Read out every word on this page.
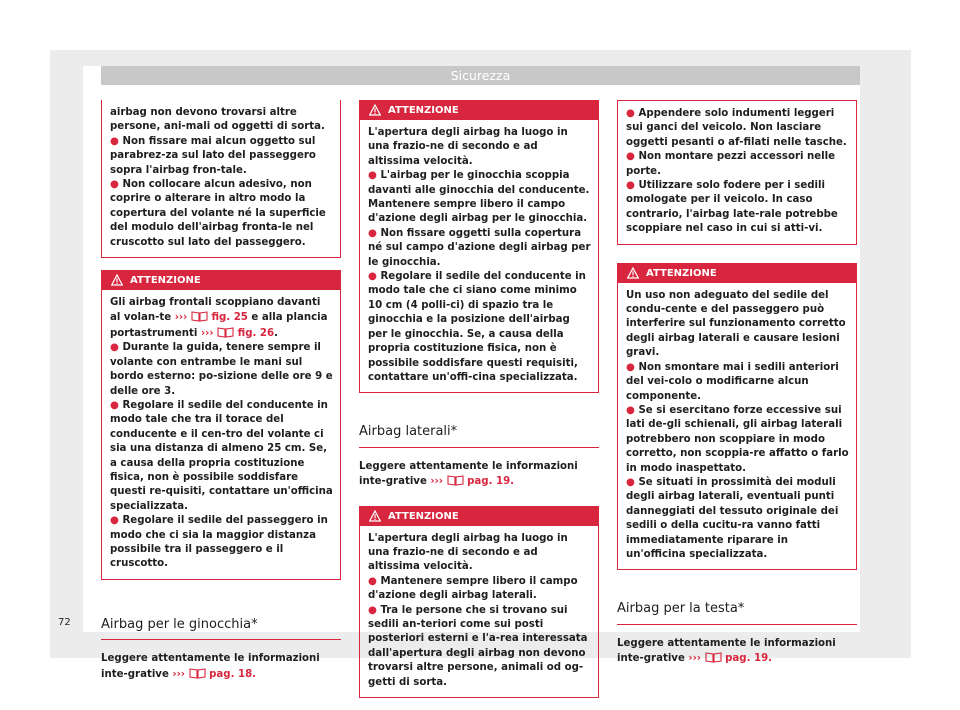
Sicurezza

airbag non devono trovarsi altre persone, ani-mali od oggetti di sorta.

● Non fissare mai alcun oggetto sul parabrez-za sul lato del passeggero sopra l'airbag fron-tale.

● Non collocare alcun adesivo, non coprire o alterare in altro modo la copertura del volante né la superficie del modulo dell'airbag fronta-le nel cruscotto sul lato del passeggero.

ATTENZIONE

Gli airbag frontali scoppiano davanti al volan-te ›››  fig. 25 e alla plancia portastrumenti ›››  fig. 26.

● Durante la guida, tenere sempre il volante con entrambe le mani sul bordo esterno: po-sizione delle ore 9 e delle ore 3.

● Regolare il sedile del conducente in modo tale che tra il torace del conducente e il cen-tro del volante ci sia una distanza di almeno 25 cm. Se, a causa della propria costituzione fisica, non è possibile soddisfare questi re-quisiti, contattare un'officina specializzata.

● Regolare il sedile del passeggero in modo che ci sia la maggior distanza possibile tra il passeggero e il cruscotto.

Airbag per le ginocchia*

Leggere attentamente le informazioni inte-grative ›››  pag. 18.

ATTENZIONE

L'apertura degli airbag ha luogo in una frazio-ne di secondo e ad altissima velocità.

● L'airbag per le ginocchia scoppia davanti alle ginocchia del conducente. Mantenere sempre libero il campo d'azione degli airbag per le ginocchia.

● Non fissare oggetti sulla copertura né sul campo d'azione degli airbag per le ginocchia.

● Regolare il sedile del conducente in modo tale che ci siano come minimo 10 cm (4 polli-ci) di spazio tra le ginocchia e la posizione dell'airbag per le ginocchia. Se, a causa della propria costituzione fisica, non è possibile soddisfare questi requisiti, contattare un'offi-cina specializzata.

Airbag laterali*

Leggere attentamente le informazioni inte-grative ›››  pag. 19.

ATTENZIONE

L'apertura degli airbag ha luogo in una frazio-ne di secondo e ad altissima velocità.

● Mantenere sempre libero il campo d'azione degli airbag laterali.

● Tra le persone che si trovano sui sedili an-teriori come sui posti posteriori esterni e l'a-rea interessata dall'apertura degli airbag non devono trovarsi altre persone, animali od og-getti di sorta.

● Appendere solo indumenti leggeri sui ganci del veicolo. Non lasciare oggetti pesanti o af-filati nelle tasche.

● Non montare pezzi accessori nelle porte.

● Utilizzare solo fodere per i sedili omologate per il veicolo. In caso contrario, l'airbag late-rale potrebbe scoppiare nel caso in cui si atti-vi.

ATTENZIONE

Un uso non adeguato del sedile del condu-cente e del passeggero può interferire sul funzionamento corretto degli airbag laterali e causare lesioni gravi.

● Non smontare mai i sedili anteriori del vei-colo o modificarne alcun componente.

● Se si esercitano forze eccessive sui lati de-gli schienali, gli airbag laterali potrebbero non scoppiare in modo corretto, non scoppia-re affatto o farlo in modo inaspettato.

● Se situati in prossimità dei moduli degli airbag laterali, eventuali punti danneggiati del tessuto originale dei sedili o della cucitu-ra vanno fatti immediatamente riparare in un'officina specializzata.

Airbag per la testa*

Leggere attentamente le informazioni inte-grative ›››  pag. 19.

72
